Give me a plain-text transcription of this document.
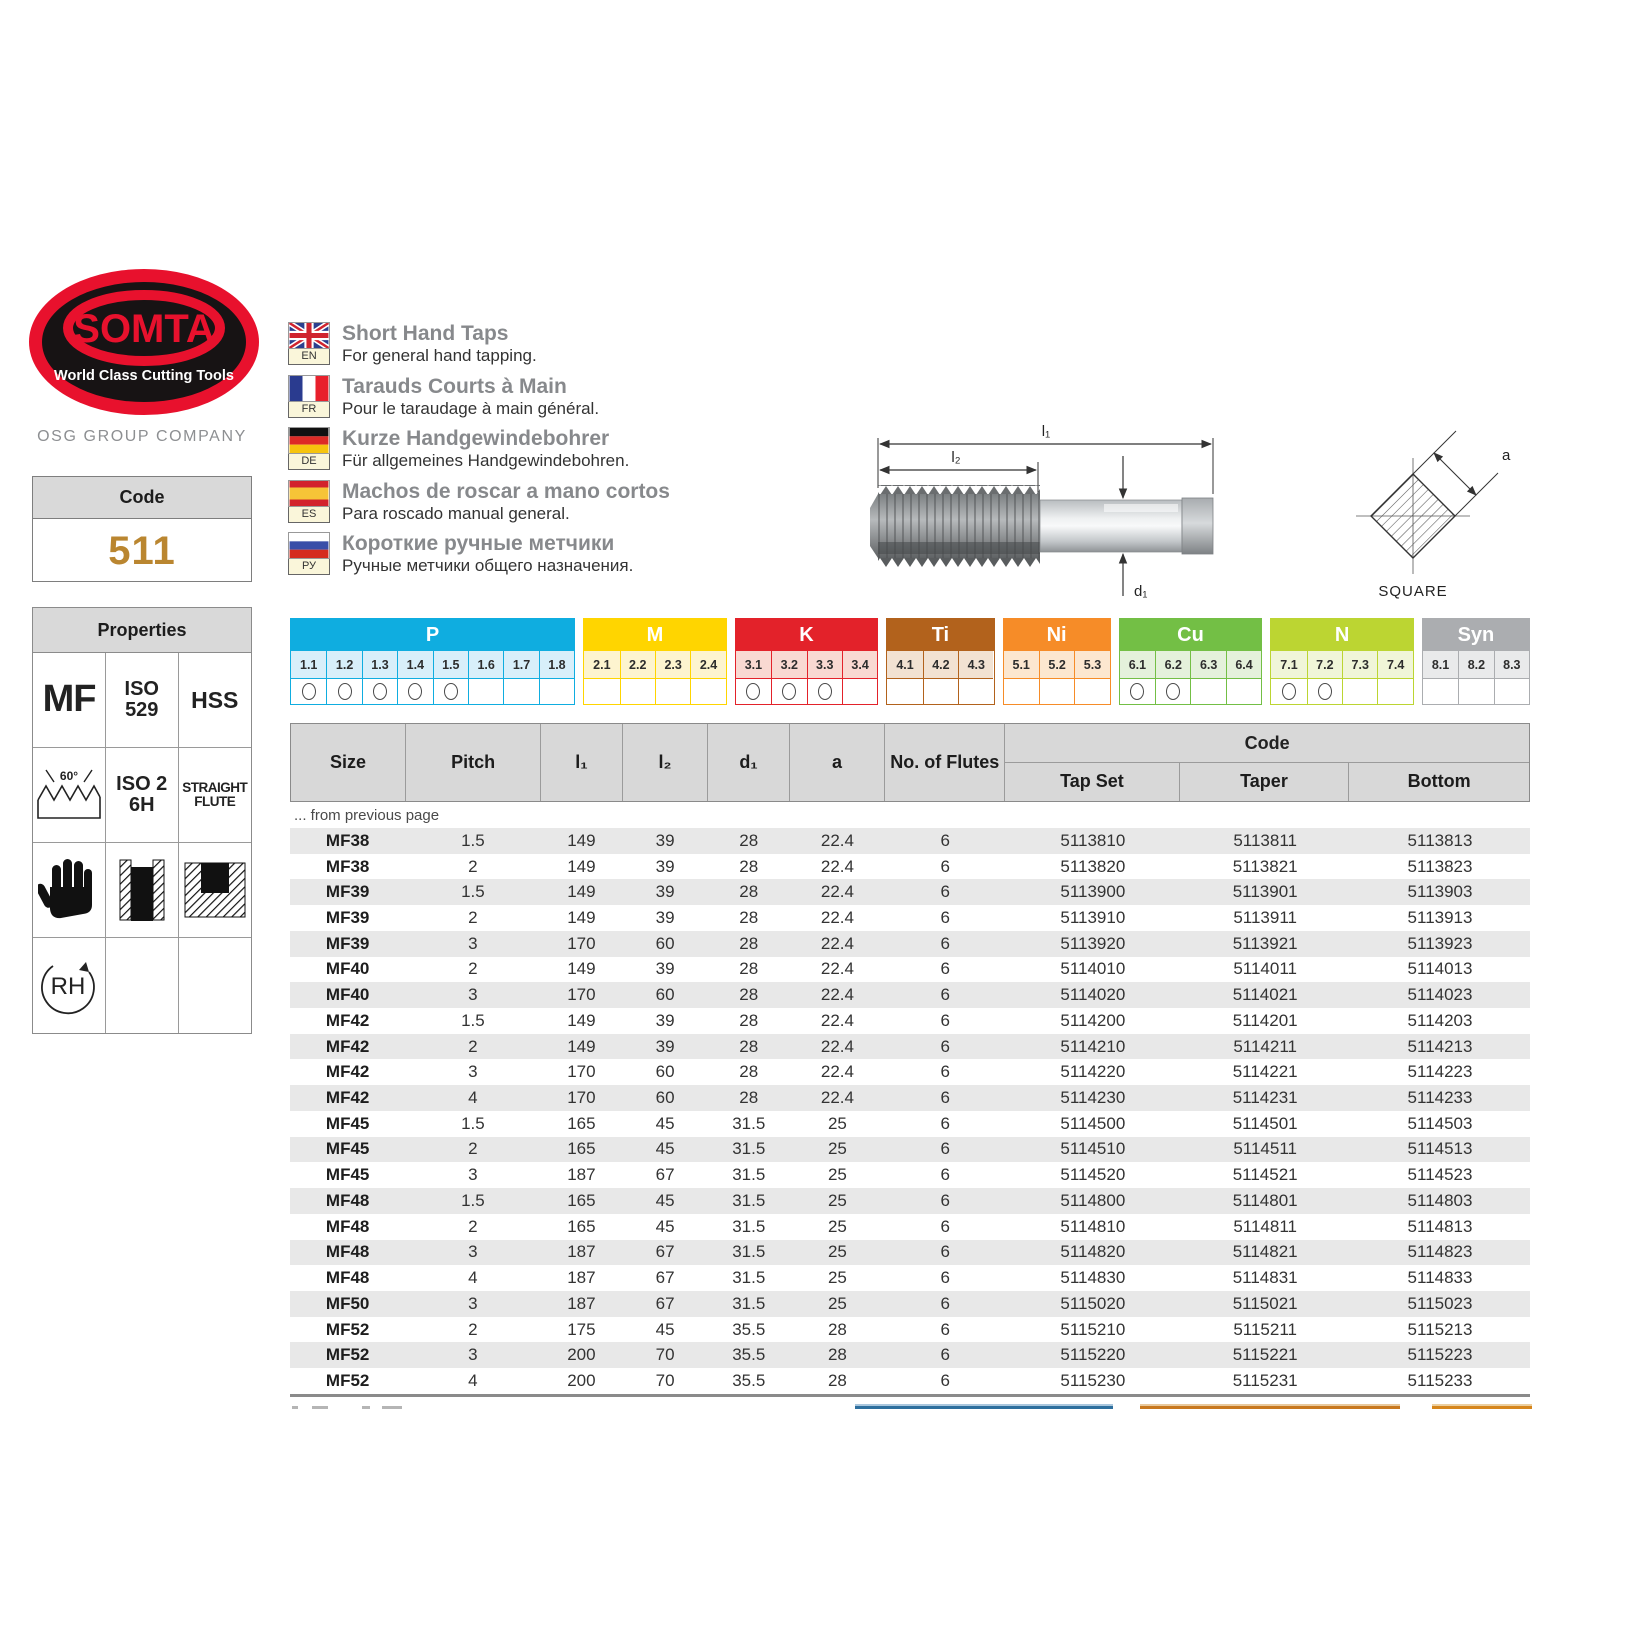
SOMTA
World Class Cutting Tools
OSG GROUP COMPANY
Code
511
Properties
MF ISO
529 HSS
60° ISO 2
6H
STRAIGHT
FLUTE
RH
EN
Short Hand Taps
For general hand tapping.
FR
Tarauds Courts à Main
Pour le taraudage à main général.
DE
Kurze Handgewindebohrer
Für allgemeines Handgewindebohren.
ES
Machos de roscar a mano cortos
Para roscado manual general.
РУ
Короткие ручные метчики
Ручные метчики общего назначения.
l₁
l₂
d₁
a
SQUARE
P
1.1	1.2	1.3	1.4	1.5	1.6	1.7	1.8
M
2.1	2.2	2.3	2.4
K
3.1	3.2	3.3	3.4
Ti
4.1	4.2	4.3
Ni
5.1	5.2	5.3
Cu
6.1	6.2	6.3	6.4
N
7.1	7.2	7.3	7.4
Syn
8.1	8.2	8.3
Size	Pitch	l₁	l₂	d₁	a	No. of Flutes
Code
Tap Set	Taper	Bottom
... from previous page
MF38	1.5	149	39	28	22.4	6	5113810	5113811	5113813
MF38	2	149	39	28	22.4	6	5113820	5113821	5113823
MF39	1.5	149	39	28	22.4	6	5113900	5113901	5113903
MF39	2	149	39	28	22.4	6	5113910	5113911	5113913
MF39	3	170	60	28	22.4	6	5113920	5113921	5113923
MF40	2	149	39	28	22.4	6	5114010	5114011	5114013
MF40	3	170	60	28	22.4	6	5114020	5114021	5114023
MF42	1.5	149	39	28	22.4	6	5114200	5114201	5114203
MF42	2	149	39	28	22.4	6	5114210	5114211	5114213
MF42	3	170	60	28	22.4	6	5114220	5114221	5114223
MF42	4	170	60	28	22.4	6	5114230	5114231	5114233
MF45	1.5	165	45	31.5	25	6	5114500	5114501	5114503
MF45	2	165	45	31.5	25	6	5114510	5114511	5114513
MF45	3	187	67	31.5	25	6	5114520	5114521	5114523
MF48	1.5	165	45	31.5	25	6	5114800	5114801	5114803
MF48	2	165	45	31.5	25	6	5114810	5114811	5114813
MF48	3	187	67	31.5	25	6	5114820	5114821	5114823
MF48	4	187	67	31.5	25	6	5114830	5114831	5114833
MF50	3	187	67	31.5	25	6	5115020	5115021	5115023
MF52	2	175	45	35.5	28	6	5115210	5115211	5115213
MF52	3	200	70	35.5	28	6	5115220	5115221	5115223
MF52	4	200	70	35.5	28	6	5115230	5115231	5115233
